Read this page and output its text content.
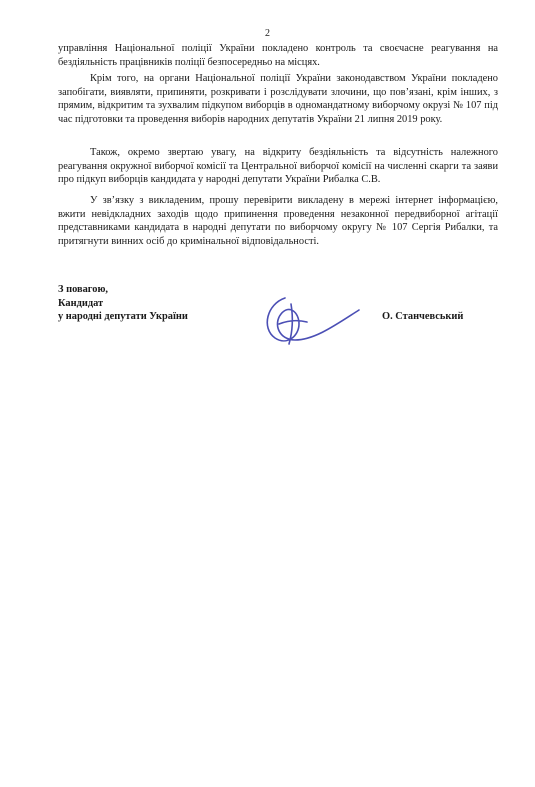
2

управління Національної поліції України покладено контроль та своєчасне реагування на бездіяльність працівників поліції безпосередньо на місцях.

Крім того, на органи Національної поліції України законодавством України покладено запобігати, виявляти, припиняти, розкривати і розслідувати злочини, що пов’язані, крім інших, з прямим, відкритим та зухвалим підкупом виборців в одномандатному виборчому окрузі № 107 під час підготовки та проведення виборів народних депутатів України 21 липня 2019 року.

Також, окремо звертаю увагу, на відкриту бездіяльність та відсутність належного реагування окружної виборчої комісії та Центральної виборчої комісії на численні скарги та заяви про підкуп виборців кандидата у народні депутати України Рибалка С.В.

У зв’язку з викладеним, прошу перевірити викладену в мережі інтернет інформацією, вжити невідкладних заходів щодо припинення проведення незаконної передвиборної агітації представниками кандидата в народні депутати по виборчому округу № 107 Сергія Рибалки, та притягнути винних осіб до кримінальної відповідальності.

З повагою,
Кандидат
у народні депутати України	О. Станчевський
